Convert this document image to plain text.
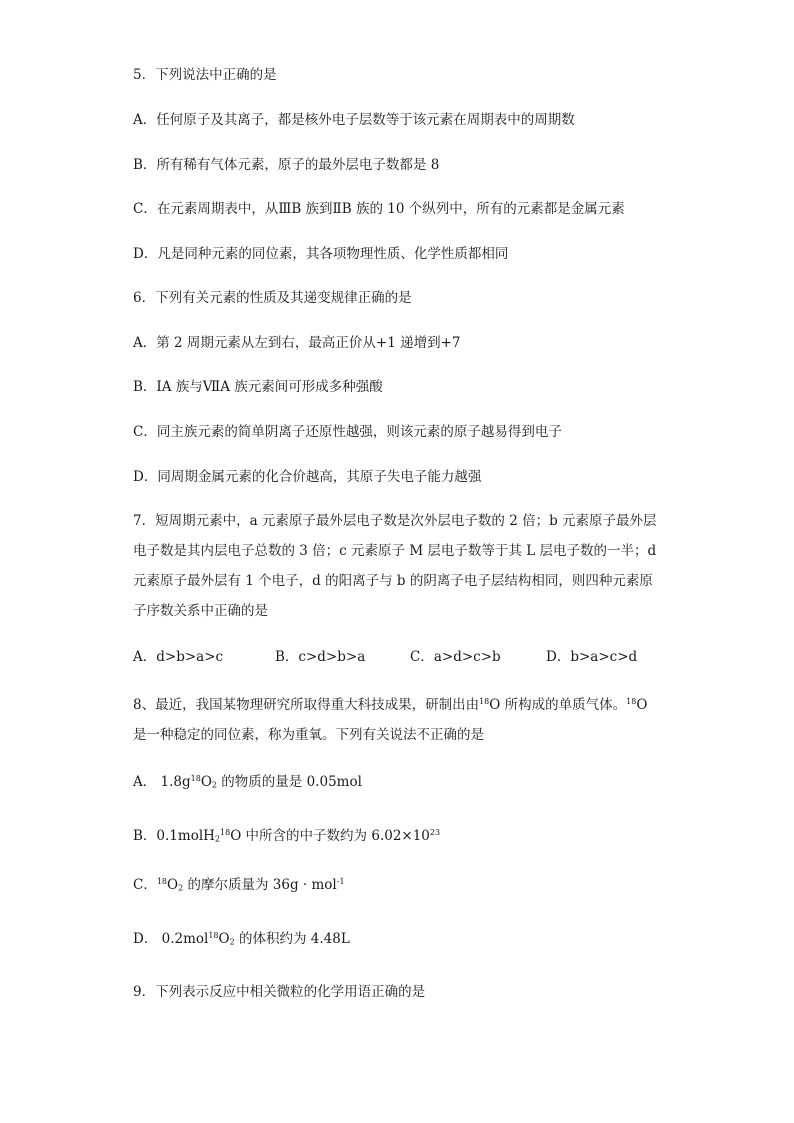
5．下列说法中正确的是
A．任何原子及其离子，都是核外电子层数等于该元素在周期表中的周期数
B．所有稀有气体元素，原子的最外层电子数都是 8
C．在元素周期表中，从ⅢB 族到ⅡB 族的 10 个纵列中，所有的元素都是金属元素
D．凡是同种元素的同位素，其各项物理性质、化学性质都相同
6．下列有关元素的性质及其递变规律正确的是
A．第 2 周期元素从左到右，最高正价从+1 递增到+7
B．ⅠA 族与ⅦA 族元素间可形成多种强酸
C．同主族元素的简单阴离子还原性越强，则该元素的原子越易得到电子
D．同周期金属元素的化合价越高，其原子失电子能力越强
7．短周期元素中，a 元素原子最外层电子数是次外层电子数的 2 倍；b 元素原子最外层
电子数是其内层电子总数的 3 倍；c 元素原子 M 层电子数等于其 L 层电子数的一半；d
元素原子最外层有 1 个电子，d 的阳离子与 b 的阴离子电子层结构相同，则四种元素原
子序数关系中正确的是
A．d>b>a>c	B．c>d>b>a	C．a>d>c>b	D．b>a>c>d
8、最近，我国某物理研究所取得重大科技成果，研制出由$^{18}$O 所构成的单质气体。$^{18}$O
是一种稳定的同位素，称为重氧。下列有关说法不正确的是
A． $1.8g^{18}O_2$ 的物质的量是 0.05mol
B．0.1molH$_2^{18}$O 中所含的中子数约为 $6.02\times 10^{23}$
C．$^{18}O_2$ 的摩尔质量为 36g · mol$^{-1}$
D． $0.2mol^{18}O_2$ 的体积约为 4.48L
9．下列表示反应中相关微粒的化学用语正确的是
